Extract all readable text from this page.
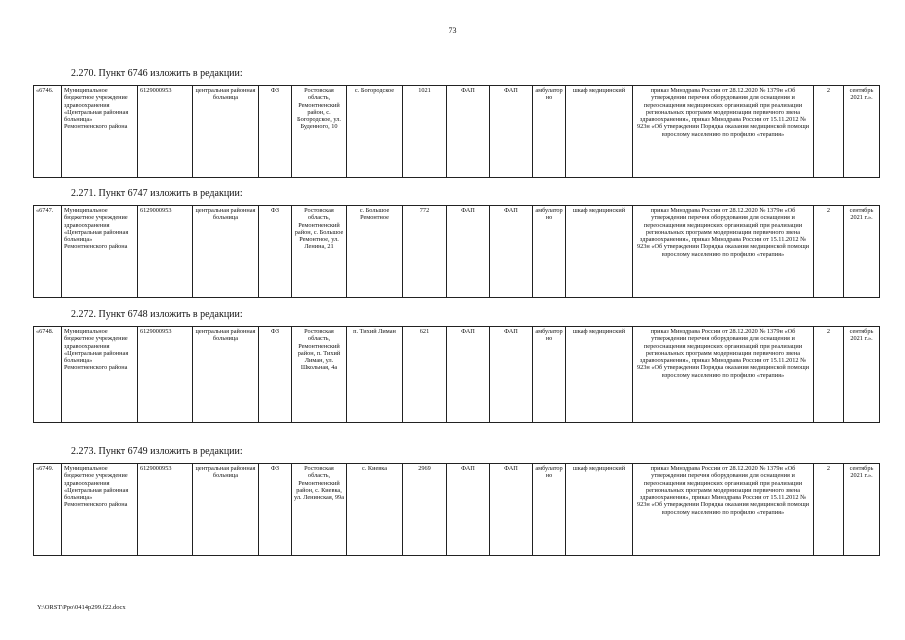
73
2.270. Пункт 6746 изложить в редакции:
«6746.	Муниципальное бюджетное учреждение здравоохранения «Центральная районная больница» Ремонтненского района	6129000953	центральная районная больница	ФЗ	Ростовская область, Ремонтненский район, с. Богородское, ул. Буденного, 10	с. Богородское	1021	ФАП	ФАП	амбулаторно	шкаф медицинский	приказ Минздрава России от 28.12.2020 № 1379н «Об утверждении перечня оборудования для оснащения и переоснащения медицинских организаций при реализации региональных программ модернизации первичного звена здравоохранения», приказ Минздрава России от 15.11.2012 № 923н «Об утверждении Порядка оказания медицинской помощи взрослому населению по профилю «терапия»	2	сентябрь 2021 г.».
2.271. Пункт 6747 изложить в редакции:
«6747.	Муниципальное бюджетное учреждение здравоохранения «Центральная районная больница» Ремонтненского района	6129000953	центральная районная больница	ФЗ	Ростовская область, Ремонтненский район, с. Большое Ремонтное, ул. Ленина, 21	с. Большое Ремонтное	772	ФАП	ФАП	амбулаторно	шкаф медицинский	приказ Минздрава России от 28.12.2020 № 1379н «Об утверждении перечня оборудования для оснащения и переоснащения медицинских организаций при реализации региональных программ модернизации первичного звена здравоохранения», приказ Минздрава России от 15.11.2012 № 923н «Об утверждении Порядка оказания медицинской помощи взрослому населению по профилю «терапия»	2	сентябрь 2021 г.».
2.272. Пункт 6748 изложить в редакции:
«6748.	Муниципальное бюджетное учреждение здравоохранения «Центральная районная больница» Ремонтненского района	6129000953	центральная районная больница	ФЗ	Ростовская область, Ремонтненский район, п. Тихий Лиман, ул. Школьная, 4а	п. Тихий Лиман	621	ФАП	ФАП	амбулаторно	шкаф медицинский	приказ Минздрава России от 28.12.2020 № 1379н «Об утверждении перечня оборудования для оснащения и переоснащения медицинских организаций при реализации региональных программ модернизации первичного звена здравоохранения», приказ Минздрава России от 15.11.2012 № 923н «Об утверждении Порядка оказания медицинской помощи взрослому населению по профилю «терапия»	2	сентябрь 2021 г.».
2.273. Пункт 6749 изложить в редакции:
«6749.	Муниципальное бюджетное учреждение здравоохранения «Центральная районная больница» Ремонтненского района	6129000953	центральная районная больница	ФЗ	Ростовская область, Ремонтненский район, с. Киевка, ул. Ленинская, 99а	с. Киевка	2969	ФАП	ФАП	амбулаторно	шкаф медицинский	приказ Минздрава России от 28.12.2020 № 1379н «Об утверждении перечня оборудования для оснащения и переоснащения медицинских организаций при реализации региональных программ модернизации первичного звена здравоохранения», приказ Минздрава России от 15.11.2012 № 923н «Об утверждении Порядка оказания медицинской помощи взрослому населению по профилю «терапия»	2	сентябрь 2021 г.».
Y:\ORST\Ppo\0414p299.f22.docx
